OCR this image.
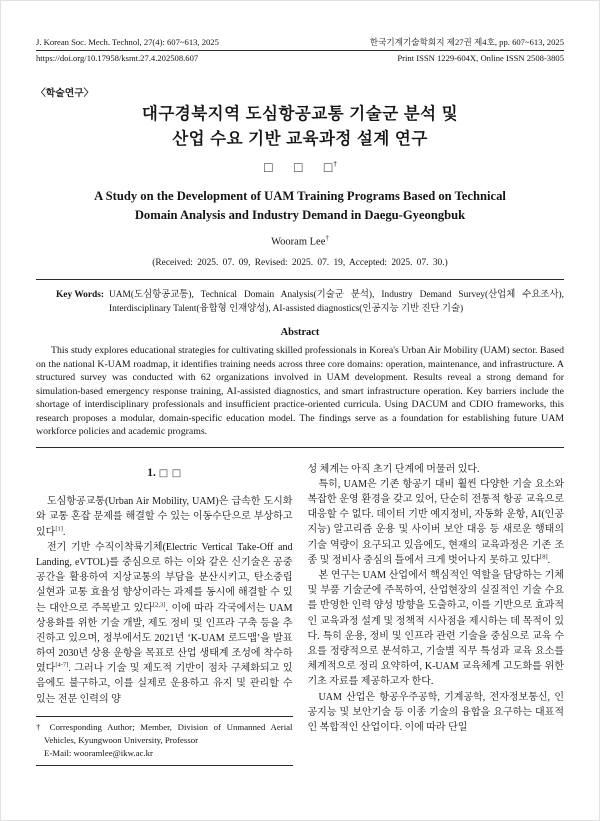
J. Korean Soc. Mech. Technol, 27(4): 607~613, 2025	한국기계기술학회지 제27권 제4호, pp. 607~613, 2025
https://doi.org/10.17958/ksmt.27.4.202508.607	Print ISSN 1229-604X, Online ISSN 2508-3805
〈학술연구〉
대구경북지역 도심항공교통 기술군 분석 및
산업 수요 기반 교육과정 설계 연구
□ □ □†
A Study on the Development of UAM Training Programs Based on Technical
Domain Analysis and Industry Demand in Daegu-Gyeongbuk
Wooram Lee†
(Received: 2025. 07. 09, Revised: 2025. 07. 19, Accepted: 2025. 07. 30.)
Key Words: UAM(도심항공교통), Technical Domain Analysis(기술군 분석), Industry Demand Survey(산업체 수요조사), Interdisciplinary Talent(융합형 인재양성), AI-assisted diagnostics(인공지능 기반 진단 기술)
Abstract

This study explores educational strategies for cultivating skilled professionals in Korea's Urban Air Mobility (UAM) sector. Based on the national K-UAM roadmap, it identifies training needs across three core domains: operation, maintenance, and infrastructure. A structured survey was conducted with 62 organizations involved in UAM development. Results reveal a strong demand for simulation-based emergency response training, AI-assisted diagnostics, and smart infrastructure operation. Key barriers include the shortage of interdisciplinary professionals and insufficient practice-oriented curricula. Using DACUM and CDIO frameworks, this research proposes a modular, domain-specific education model. The findings serve as a foundation for establishing future UAM workforce policies and academic programs.

1. □ □

도심항공교통(Urban Air Mobility, UAM)은 급속한 도시화와 교통 혼잡 문제를 해결할 수 있는 이동수단으로 부상하고 있다[1].

전기 기반 수직이착륙기체(Electric Vertical Take-Off and Landing, eVTOL)를 중심으로 하는 이와 같은 신기술은 공중 공간을 활용하여 지상교통의 부담을 분산시키고, 탄소중립 실현과 교통 효율성 향상이라는 과제를 동시에 해결할 수 있는 대안으로 주목받고 있다[2,3]. 이에 따라 각국에서는 UAM 상용화를 위한 기술 개발, 제도 정비 및 인프라 구축 등을 추진하고 있으며, 정부에서도 2021년 ‘K-UAM 로드맵’을 발표하여 2030년 상용 운항을 목표로 산업 생태계 조성에 착수하였다[4-7]. 그러나 기술 및 제도적 기반이 점차 구체화되고 있음에도 불구하고, 이를 실제로 운용하고 유지 및 관리할 수 있는 전문 인력의 양

† Corresponding Author; Member, Division of Unmanned Aerial Vehicles, Kyungwoon University, Professor

E-Mail: wooramlee@ikw.ac.kr

성 체계는 아직 초기 단계에 머물러 있다.

특히, UAM은 기존 항공기 대비 훨씬 다양한 기술 요소와 복잡한 운영 환경을 갖고 있어, 단순히 전통적 항공 교육으로 대응할 수 없다. 데이터 기반 예지정비, 자동화 운항, AI(인공지능) 알고리즘 운용 및 사이버 보안 대응 등 새로운 행태의 기술 역량이 요구되고 있음에도, 현재의 교육과정은 기존 조종 및 정비사 중심의 틀에서 크게 벗어나지 못하고 있다[8].

본 연구는 UAM 산업에서 핵심적인 역할을 담당하는 기체 및 부품 기술군에 주목하여, 산업현장의 실질적인 기술 수요를 반영한 인력 양성 방향을 도출하고, 이를 기반으로 효과적인 교육과정 설계 및 정책적 시사점을 제시하는 데 목적이 있다. 특히 운용, 정비 및 인프라 관련 기술을 중심으로 교육 수요를 정량적으로 분석하고, 기술별 직무 특성과 교육 요소를 체계적으로 정리 요약하여, K-UAM 교육체계 고도화를 위한 기초 자료를 제공하고자 한다.

UAM 산업은 항공우주공학, 기계공학, 전자정보통신, 인공지능 및 보안기술 등 이종 기술의 융합을 요구하는 대표적인 복합적인 산업이다. 이에 따라 단일
